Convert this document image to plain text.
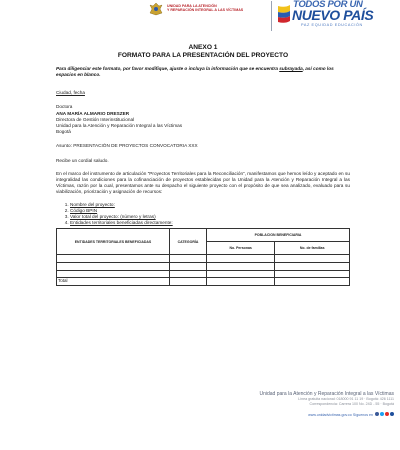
UNIDAD PARA LA ATENCIÓN
Y REPARACIÓN INTEGRAL A LAS VÍCTIMAS
TODOS POR UN
NUEVO PAÍS
PAZ EQUIDAD EDUCACIÓN
ANEXO 1
FORMATO PARA LA PRESENTACIÓN DEL PROYECTO
Para diligenciar este formato, por favor modifique, ajuste o incluya la información que se encuentra subrayada, así como los espacios en blanco.
Ciudad, fecha
Doctora
ANA MARÍA ALMARIO DRESZER
Directora de Gestión Interinstitucional
Unidad para la Atención y Reparación Integral a las Víctimas
Bogotá
Asunto: PRESENTACIÓN DE PROYECTOS CONVOCATORIA XXX
Recibe un cordial saludo.
En el marco del instrumento de articulación “Proyectos Territoriales para la Reconciliación”, manifestamos que hemos leído y aceptado en su integralidad las condiciones para la cofinanciación de proyectos establecidas por la Unidad para la Atención y Reparación Integral a las Víctimas, razón por la cual, presentamos ante su despacho el siguiente proyecto con el propósito de que sea analizado, evaluado para su viabilización, priorización y asignación de recursos:
1. Nombre del proyecto:
2. Código BPIN
3. Valor total del proyecto: (número y letras)
4. Entidades territoriales beneficiadas directamente:
ENTIDADES TERRITORIALES BENEFICIADAS	CATEGORÍA	POBLACION BENEFICIARIA	
		No. Personas	No. de familias

Total			
Unidad para la Atención y Reparación Integral a las Víctimas
Línea gratuita nacional: 018000 91 11 19 · Bogotá: 426 1111
Correspondencia: Carrera 100 No. 24D - 55 · Bogotá
www.unidadvictimas.gov.co Síguenos en
